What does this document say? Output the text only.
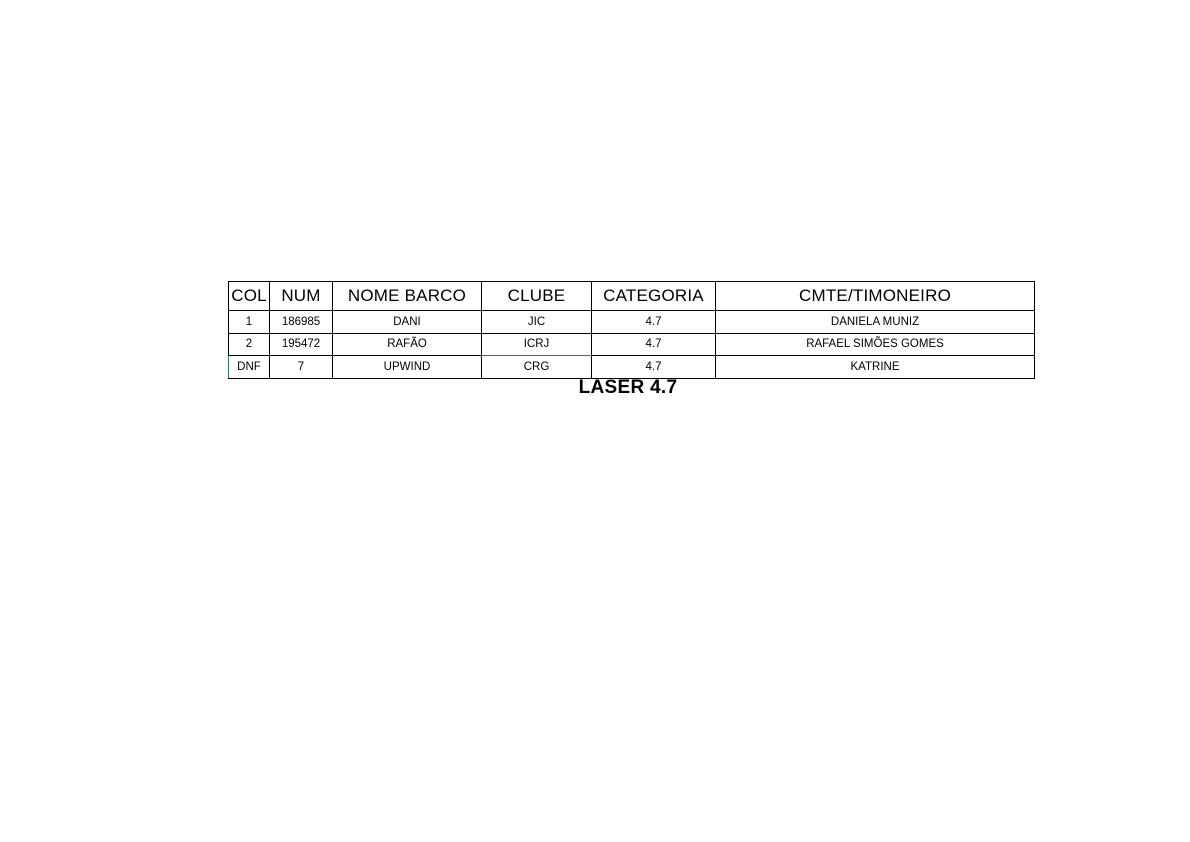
COL	NUM	NOME BARCO	CLUBE	CATEGORIA	CMTE/TIMONEIRO
1	186985	DANI	JIC	4.7	DANIELA MUNIZ
2	195472	RAFÃO	ICRJ	4.7	RAFAEL SIMÕES GOMES
DNF	7	UPWIND	CRG	4.7	KATRINE
LASER 4.7
